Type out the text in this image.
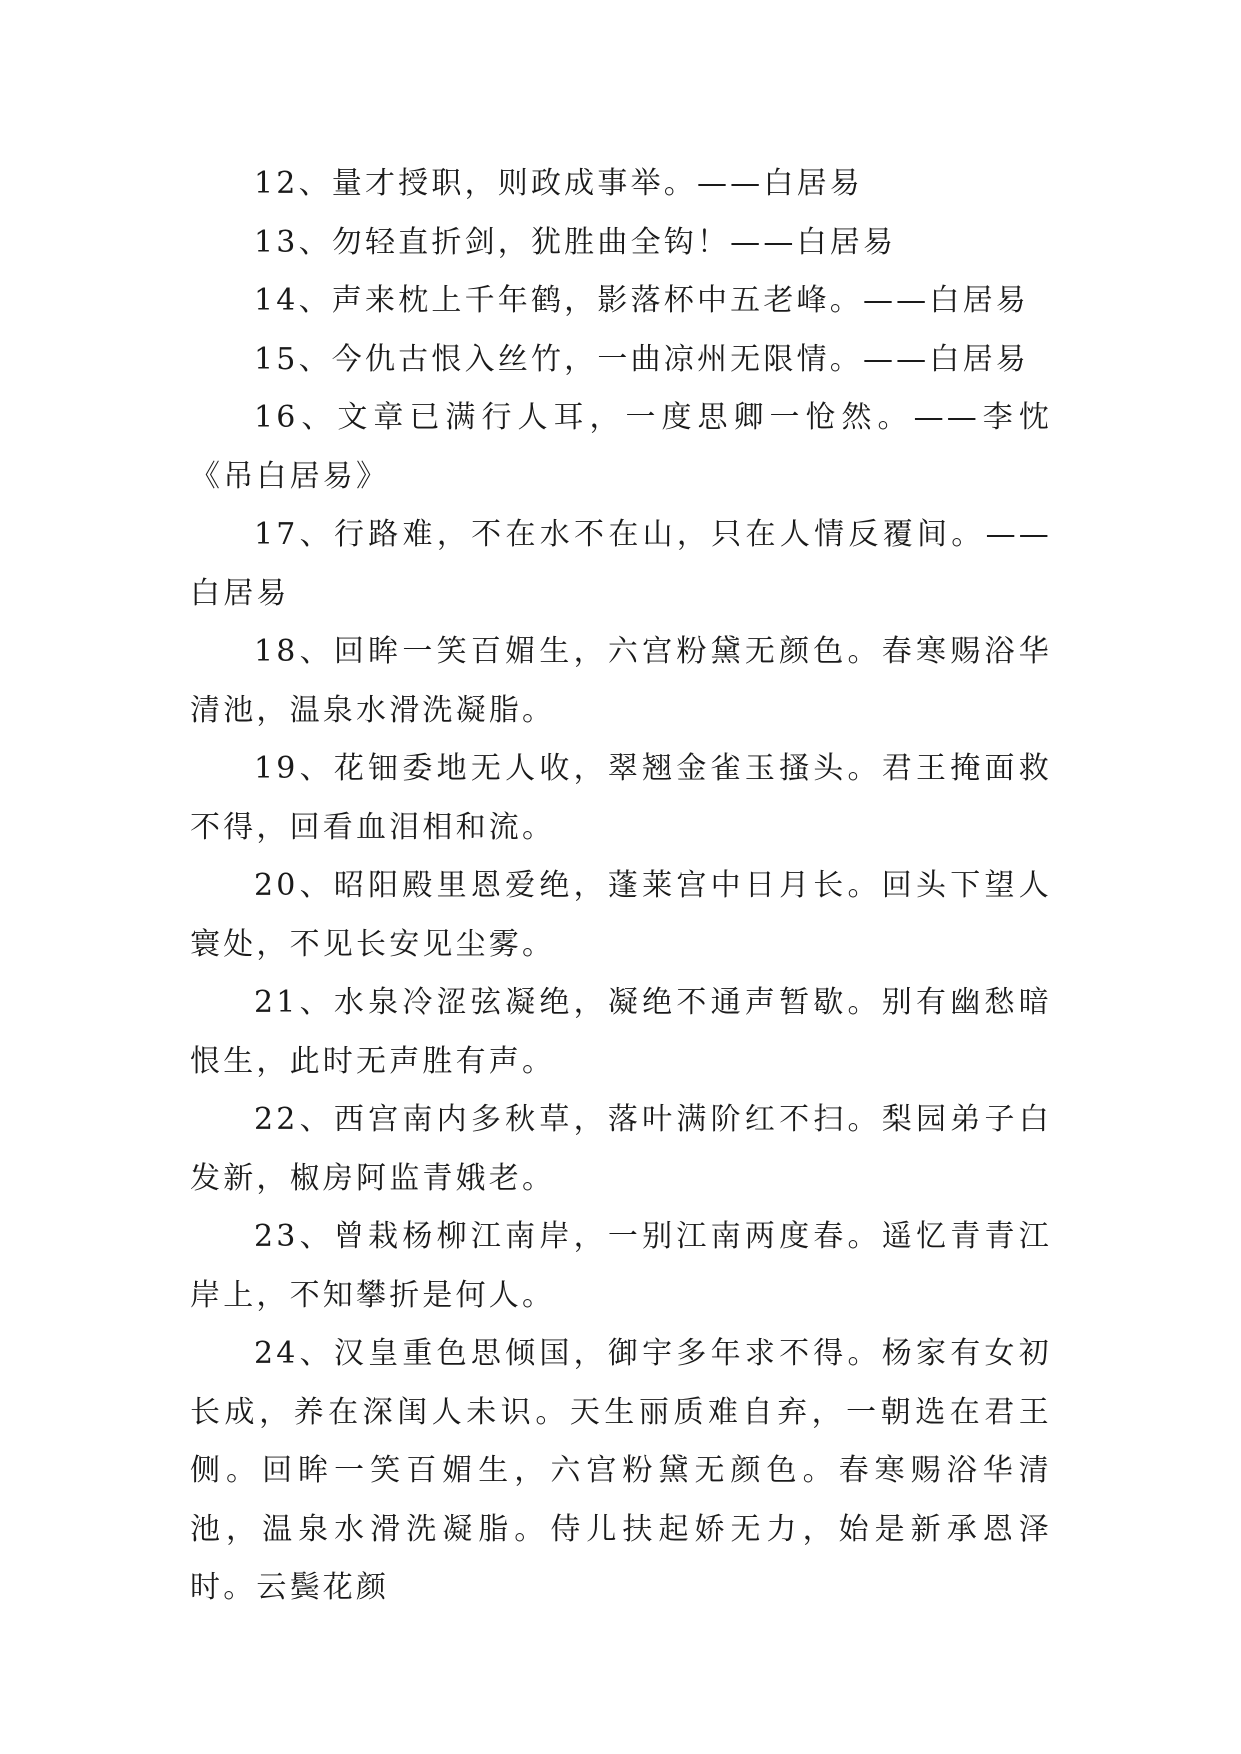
12、量才授职，则政成事举。——白居易

13、勿轻直折剑，犹胜曲全钩！——白居易

14、声来枕上千年鹤，影落杯中五老峰。——白居易

15、今仇古恨入丝竹，一曲凉州无限情。——白居易

16、文章已满行人耳，一度思卿一怆然。——李忱《吊白居易》

17、行路难，不在水不在山，只在人情反覆间。——白居易

18、回眸一笑百媚生，六宫粉黛无颜色。春寒赐浴华清池，温泉水滑洗凝脂。

19、花钿委地无人收，翠翘金雀玉搔头。君王掩面救不得，回看血泪相和流。

20、昭阳殿里恩爱绝，蓬莱宫中日月长。回头下望人寰处，不见长安见尘雾。

21、水泉冷涩弦凝绝，凝绝不通声暂歇。别有幽愁暗恨生，此时无声胜有声。

22、西宫南内多秋草，落叶满阶红不扫。梨园弟子白发新，椒房阿监青娥老。

23、曾栽杨柳江南岸，一别江南两度春。遥忆青青江岸上，不知攀折是何人。

24、汉皇重色思倾国，御宇多年求不得。杨家有女初长成，养在深闺人未识。天生丽质难自弃，一朝选在君王侧。回眸一笑百媚生，六宫粉黛无颜色。春寒赐浴华清池，温泉水滑洗凝脂。侍儿扶起娇无力，始是新承恩泽时。云鬓花颜
